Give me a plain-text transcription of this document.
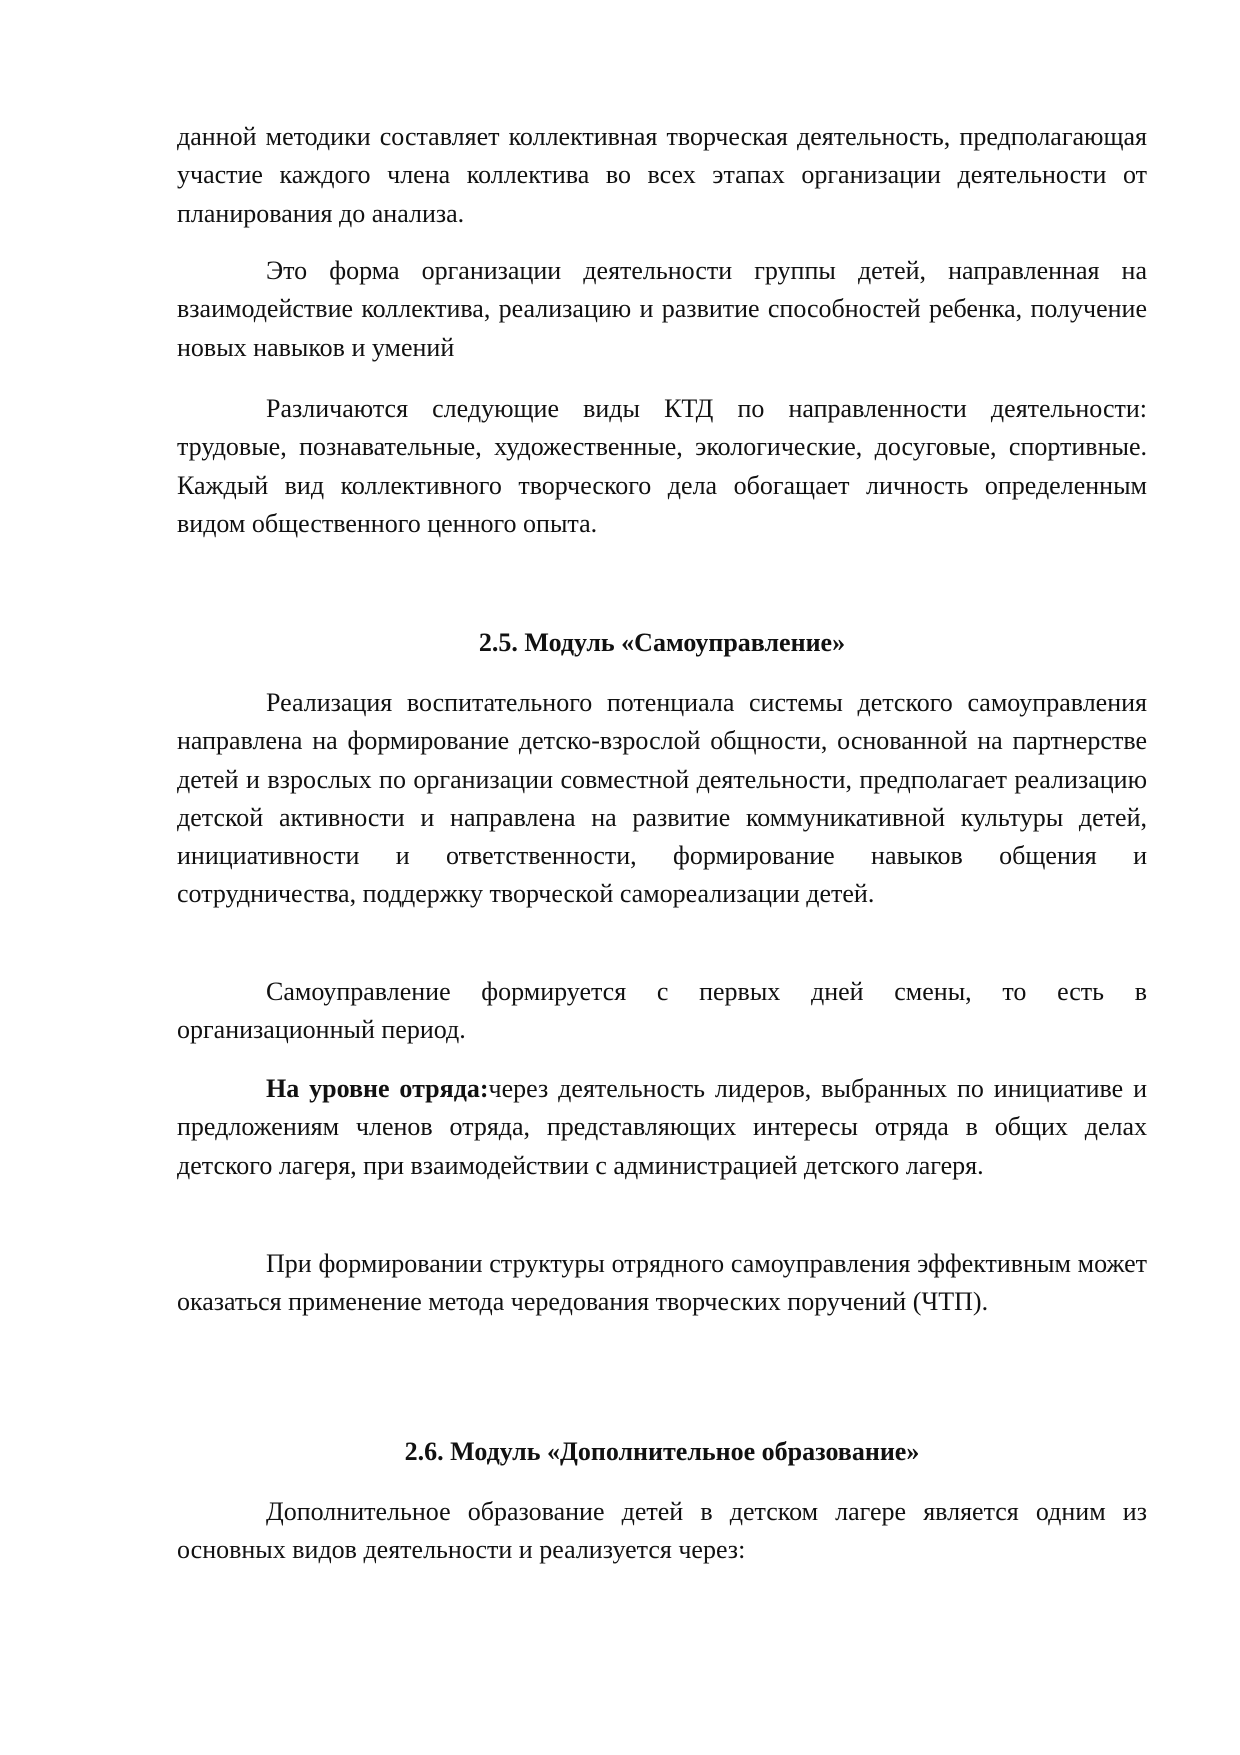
данной методики составляет коллективная творческая деятельность, предполагающая участие каждого члена коллектива во всех этапах организации деятельности от планирования до анализа.

Это форма организации деятельности группы детей, направленная на взаимодействие коллектива, реализацию и развитие способностей ребенка, получение новых навыков и умений

Различаются следующие виды КТД по направленности деятельности: трудовые, познавательные, художественные, экологические, досуговые, спортивные. Каждый вид коллективного творческого дела обогащает личность определенным видом общественного ценного опыта.

2.5. Модуль «Самоуправление»

Реализация воспитательного потенциала системы детского самоуправления направлена на формирование детско-взрослой общности, основанной на партнерстве детей и взрослых по организации совместной деятельности, предполагает реализацию детской активности и направлена на развитие коммуникативной культуры детей, инициативности и ответственности, формирование навыков общения и сотрудничества, поддержку творческой самореализации детей.

Самоуправление формируется с первых дней смены, то есть в организационный период.

На уровне отряда:через деятельность лидеров, выбранных по инициативе и предложениям членов отряда, представляющих интересы отряда в общих делах детского лагеря, при взаимодействии с администрацией детского лагеря.

При формировании структуры отрядного самоуправления эффективным может оказаться применение метода чередования творческих поручений (ЧТП).

2.6. Модуль «Дополнительное образование»

Дополнительное образование детей в детском лагере является одним из основных видов деятельности и реализуется через:
